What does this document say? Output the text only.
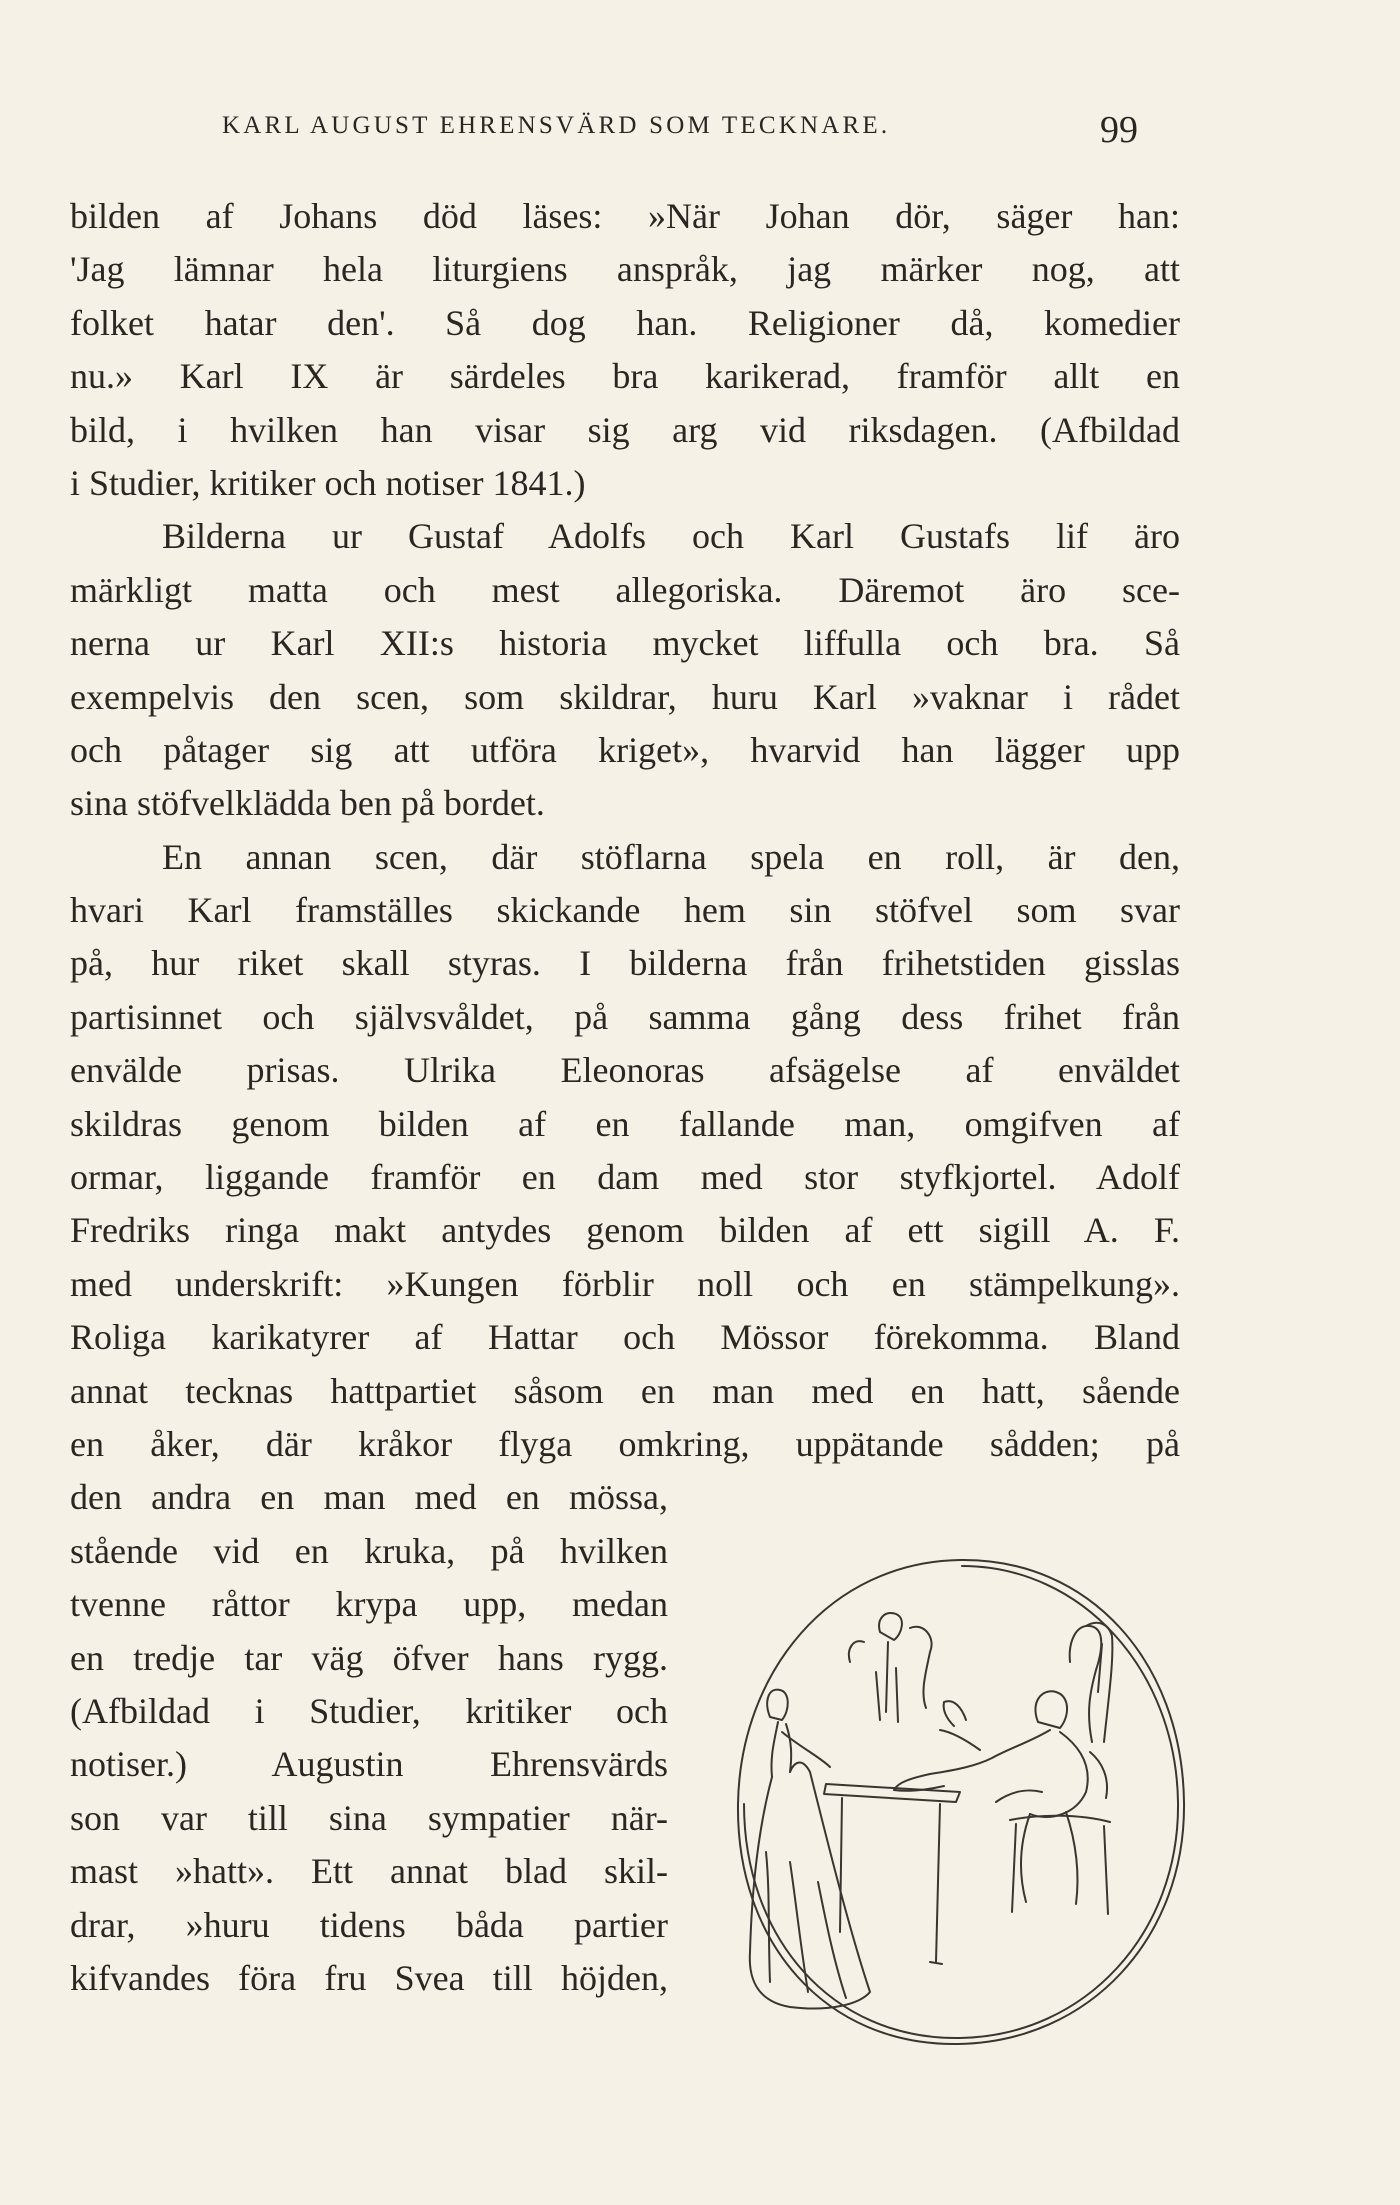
KARL AUGUST EHRENSVÄRD SOM TECKNARE.	99
bilden af Johans död läses: »När Johan dör, säger han:
'Jag lämnar hela liturgiens anspråk, jag märker nog, att
folket hatar den'. Så dog han. Religioner då, komedier
nu.» Karl IX är särdeles bra karikerad, framför allt en
bild, i hvilken han visar sig arg vid riksdagen. (Afbildad
i Studier, kritiker och notiser 1841.)
Bilderna ur Gustaf Adolfs och Karl Gustafs lif äro
märkligt matta och mest allegoriska. Däremot äro sce-
nerna ur Karl XII:s historia mycket liffulla och bra. Så
exempelvis den scen, som skildrar, huru Karl »vaknar i rådet
och påtager sig att utföra kriget», hvarvid han lägger upp
sina stöfvelklädda ben på bordet.
En annan scen, där stöflarna spela en roll, är den,
hvari Karl framställes skickande hem sin stöfvel som svar
på, hur riket skall styras. I bilderna från frihetstiden gisslas
partisinnet och självsvåldet, på samma gång dess frihet från
envälde prisas. Ulrika Eleonoras afsägelse af enväldet
skildras genom bilden af en fallande man, omgifven af
ormar, liggande framför en dam med stor styfkjortel. Adolf
Fredriks ringa makt antydes genom bilden af ett sigill A. F.
med underskrift: »Kungen förblir noll och en stämpelkung».
Roliga karikatyrer af Hattar och Mössor förekomma. Bland
annat tecknas hattpartiet såsom en man med en hatt, sående
en åker, där kråkor flyga omkring, uppätande sådden; på
den andra en man med en mössa,
stående vid en kruka, på hvilken
tvenne råttor krypa upp, medan
en tredje tar väg öfver hans rygg.
(Afbildad i Studier, kritiker och
notiser.) Augustin Ehrensvärds
son var till sina sympatier när-
mast »hatt». Ett annat blad skil-
drar, »huru tidens båda partier
kifvandes föra fru Svea till höjden,
